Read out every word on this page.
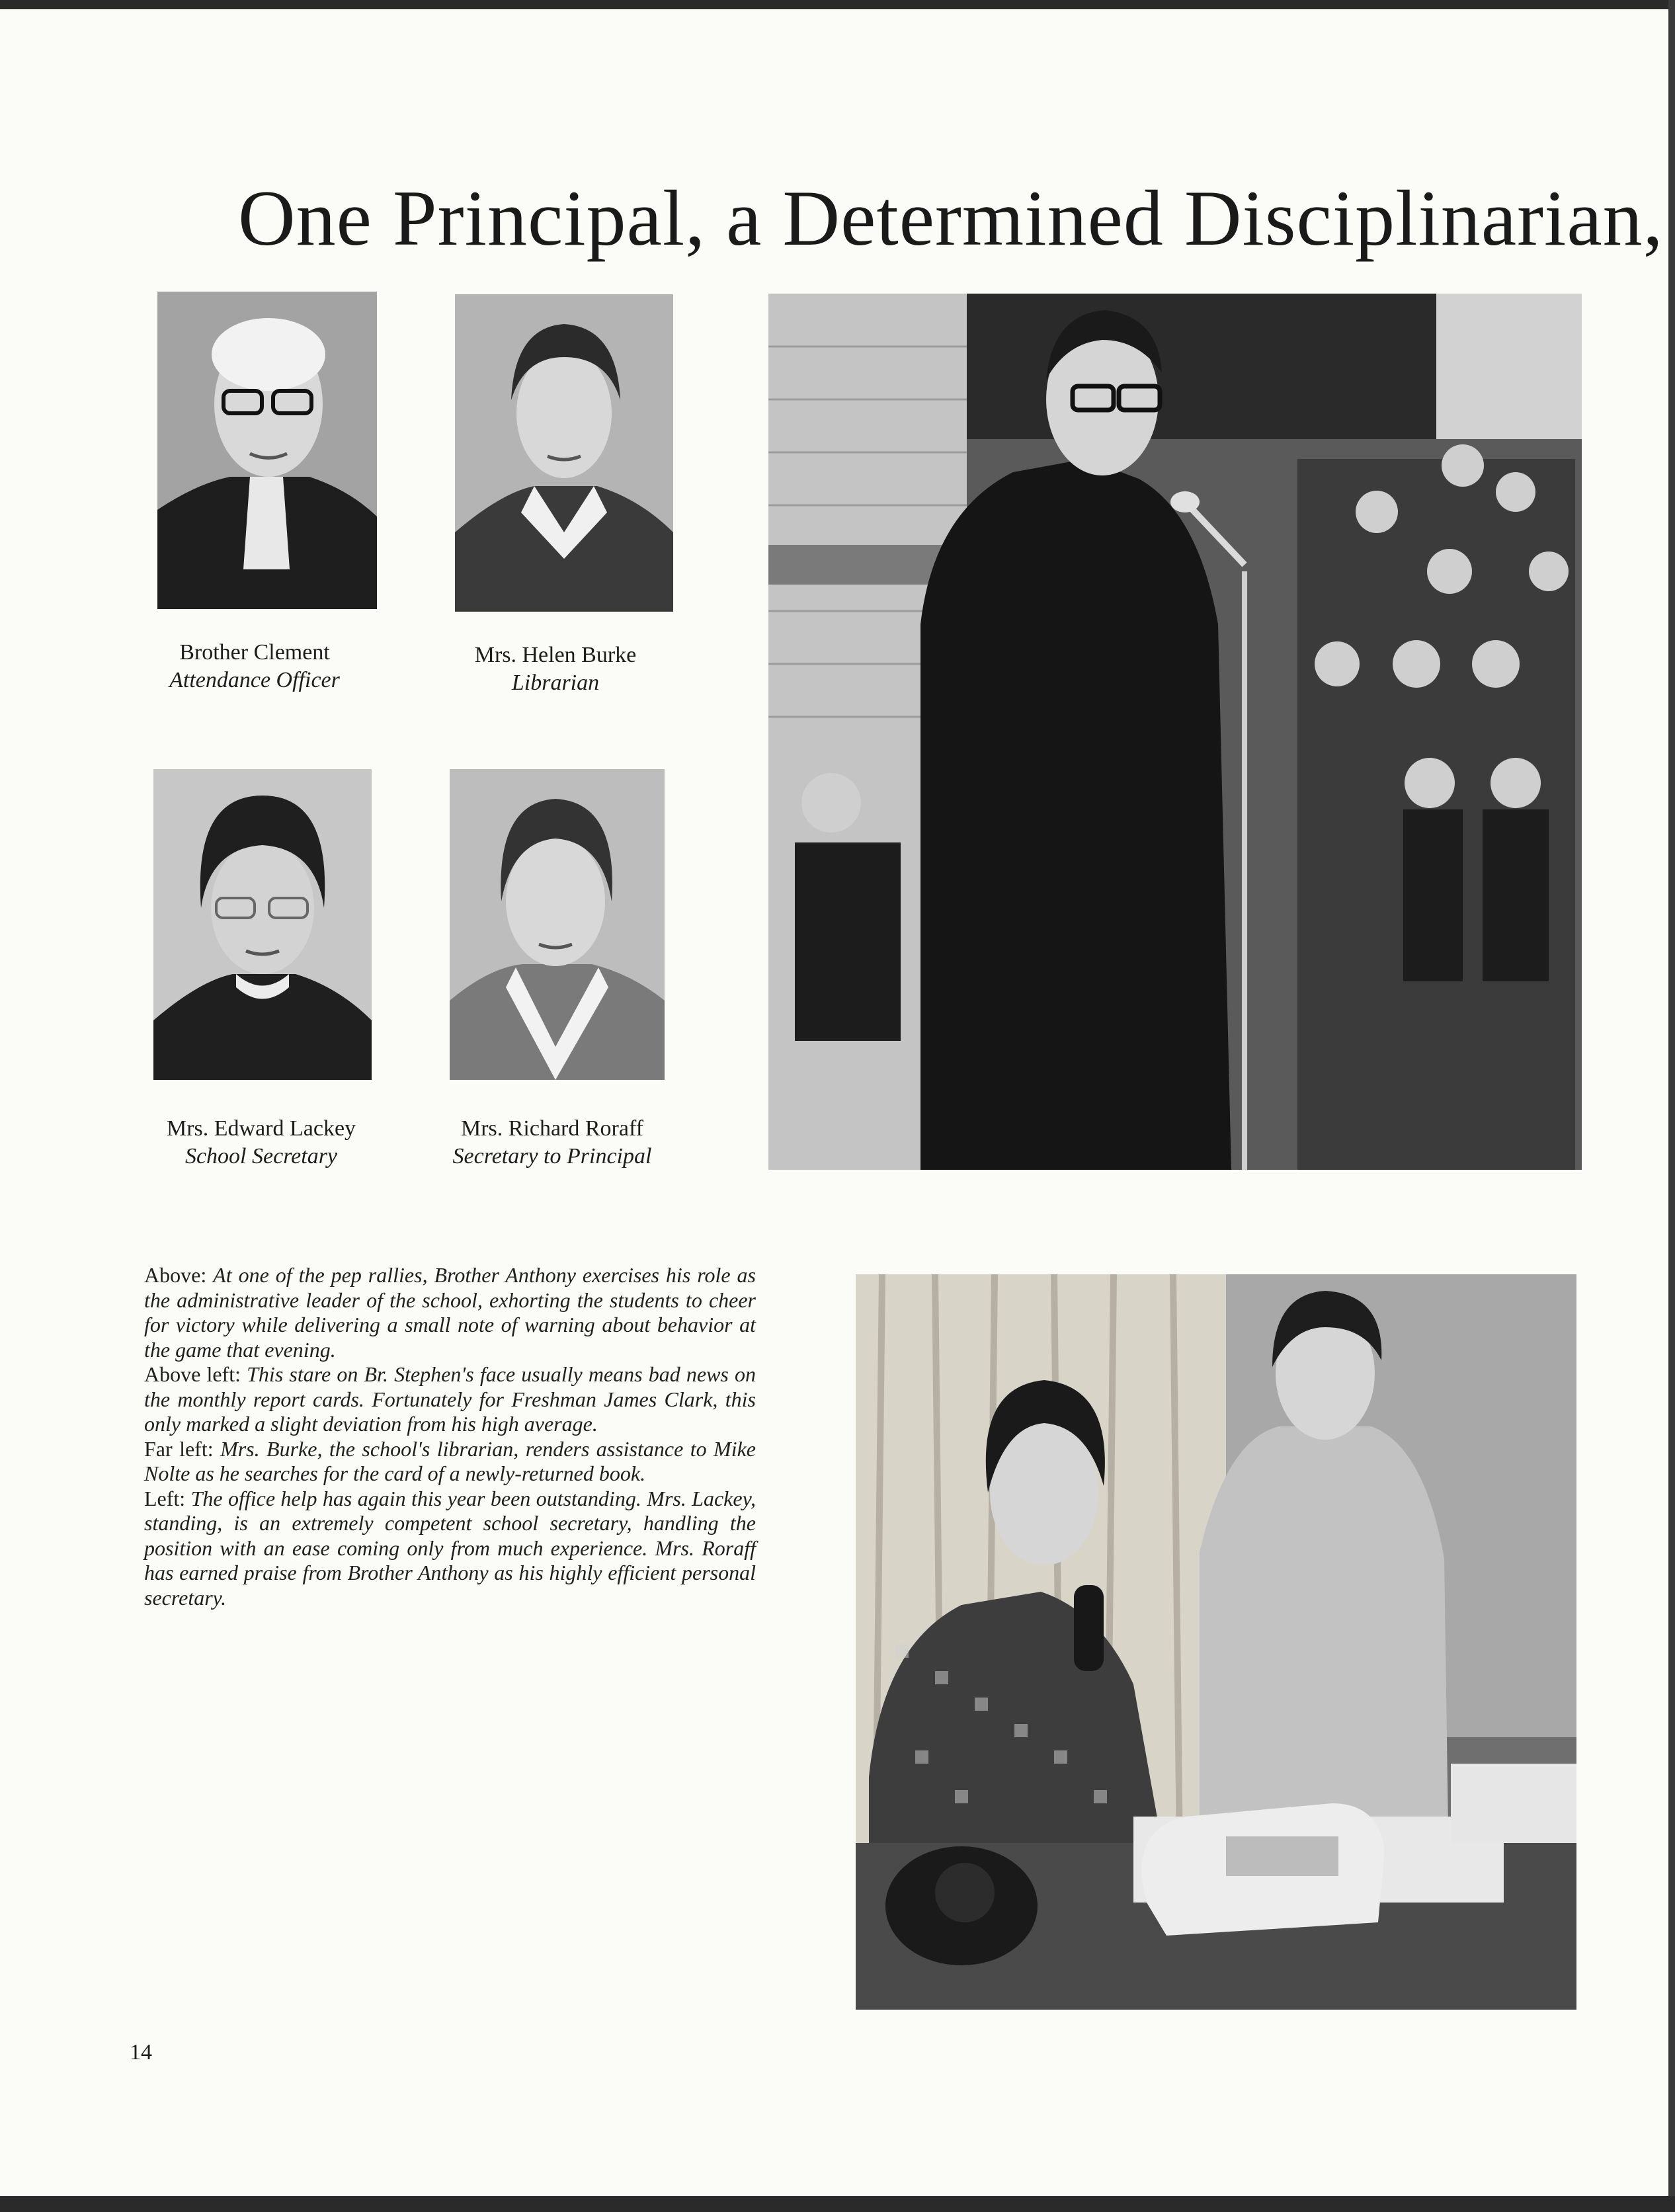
One Principal, a Determined Disciplinarian,
Brother Clement
Attendance Officer
Mrs. Helen Burke
Librarian
Mrs. Edward Lackey
School Secretary
Mrs. Richard Roraff
Secretary to Principal

Above: At one of the pep rallies, Brother Anthony exercises his role as the administrative leader of the school, exhorting the students to cheer for victory while delivering a small note of warning about behavior at the game that evening.

Above left: This stare on Br. Stephen's face usually means bad news on the monthly report cards. Fortunately for Freshman James Clark, this only marked a slight deviation from his high average.

Far left: Mrs. Burke, the school's librarian, renders assistance to Mike Nolte as he searches for the card of a newly-returned book.

Left: The office help has again this year been outstanding. Mrs. Lackey, standing, is an extremely competent school secretary, handling the position with an ease coming only from much experience. Mrs. Roraff has earned praise from Brother Anthony as his highly efficient personal secretary.

14
